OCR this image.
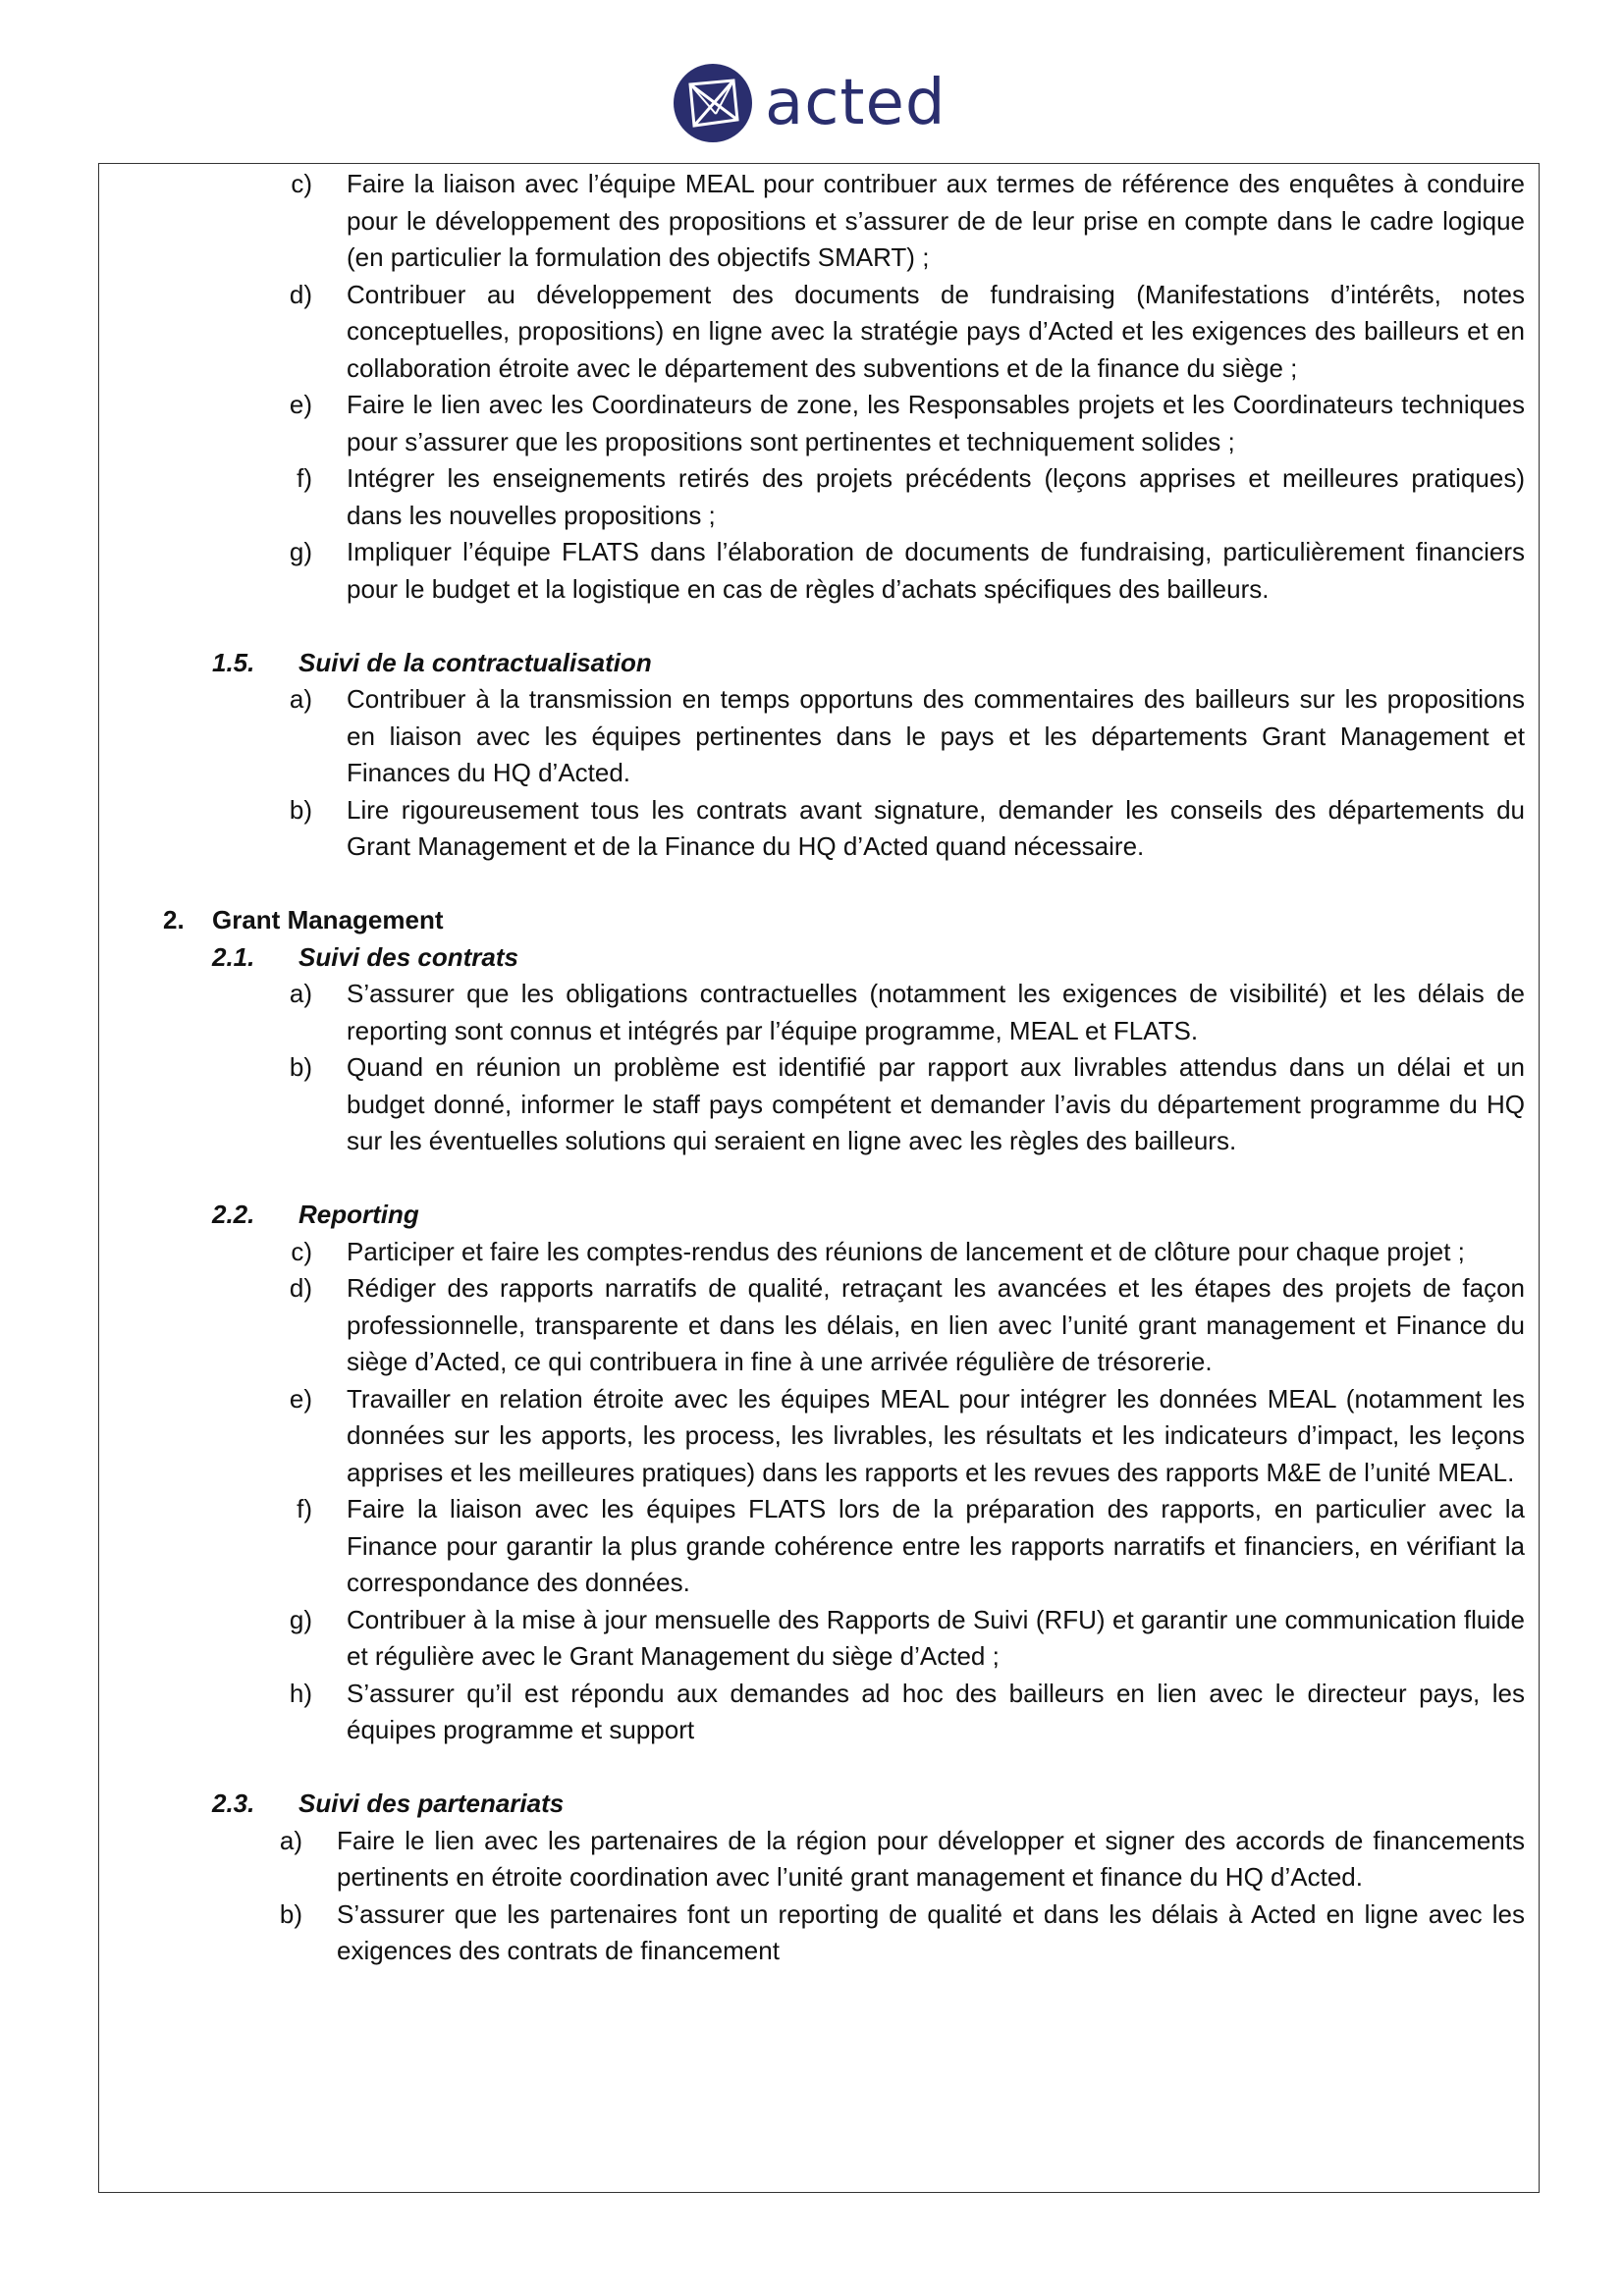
acted
c) Faire la liaison avec l’équipe MEAL pour contribuer aux termes de référence des enquêtes à conduire pour le développement des propositions et s’assurer de de leur prise en compte dans le cadre logique (en particulier la formulation des objectifs SMART) ;
d) Contribuer au développement des documents de fundraising (Manifestations d’intérêts, notes conceptuelles, propositions) en ligne avec la stratégie pays d’Acted et les exigences des bailleurs et en collaboration étroite avec le département des subventions et de la finance du siège ;
e) Faire le lien avec les Coordinateurs de zone, les Responsables projets et les Coordinateurs techniques pour s’assurer que les propositions sont pertinentes et techniquement solides ;
f) Intégrer les enseignements retirés des projets précédents (leçons apprises et meilleures pratiques) dans les nouvelles propositions ;
g) Impliquer l’équipe FLATS dans l’élaboration de documents de fundraising, particulièrement financiers pour le budget et la logistique en cas de règles d’achats spécifiques des bailleurs.
1.5. Suivi de la contractualisation
a) Contribuer à la transmission en temps opportuns des commentaires des bailleurs sur les propositions en liaison avec les équipes pertinentes dans le pays et les départements Grant Management et Finances du HQ d’Acted.
b) Lire rigoureusement tous les contrats avant signature, demander les conseils des départements du Grant Management et de la Finance du HQ d’Acted quand nécessaire.
2. Grant Management
2.1. Suivi des contrats
a) S’assurer que les obligations contractuelles (notamment les exigences de visibilité) et les délais de reporting sont connus et intégrés par l’équipe programme, MEAL et FLATS.
b) Quand en réunion un problème est identifié par rapport aux livrables attendus dans un délai et un budget donné, informer le staff pays compétent et demander l’avis du département programme du HQ sur les éventuelles solutions qui seraient en ligne avec les règles des bailleurs.
2.2. Reporting
c) Participer et faire les comptes-rendus des réunions de lancement et de clôture pour chaque projet ;
d) Rédiger des rapports narratifs de qualité, retraçant les avancées et les étapes des projets de façon professionnelle, transparente et dans les délais, en lien avec l’unité grant management et Finance du siège d’Acted, ce qui contribuera in fine à une arrivée régulière de trésorerie.
e) Travailler en relation étroite avec les équipes MEAL pour intégrer les données MEAL (notamment les données sur les apports, les process, les livrables, les résultats et les indicateurs d’impact, les leçons apprises et les meilleures pratiques) dans les rapports et les revues des rapports M&E de l’unité MEAL.
f) Faire la liaison avec les équipes FLATS lors de la préparation des rapports, en particulier avec la Finance pour garantir la plus grande cohérence entre les rapports narratifs et financiers, en vérifiant la correspondance des données.
g) Contribuer à la mise à jour mensuelle des Rapports de Suivi (RFU) et garantir une communication fluide et régulière avec le Grant Management du siège d’Acted ;
h) S’assurer qu’il est répondu aux demandes ad hoc des bailleurs en lien avec le directeur pays, les équipes programme et support
2.3. Suivi des partenariats
a) Faire le lien avec les partenaires de la région pour développer et signer des accords de financements pertinents en étroite coordination avec l’unité grant management et finance du HQ d’Acted.
b) S’assurer que les partenaires font un reporting de qualité et dans les délais à Acted en ligne avec les exigences des contrats de financement
